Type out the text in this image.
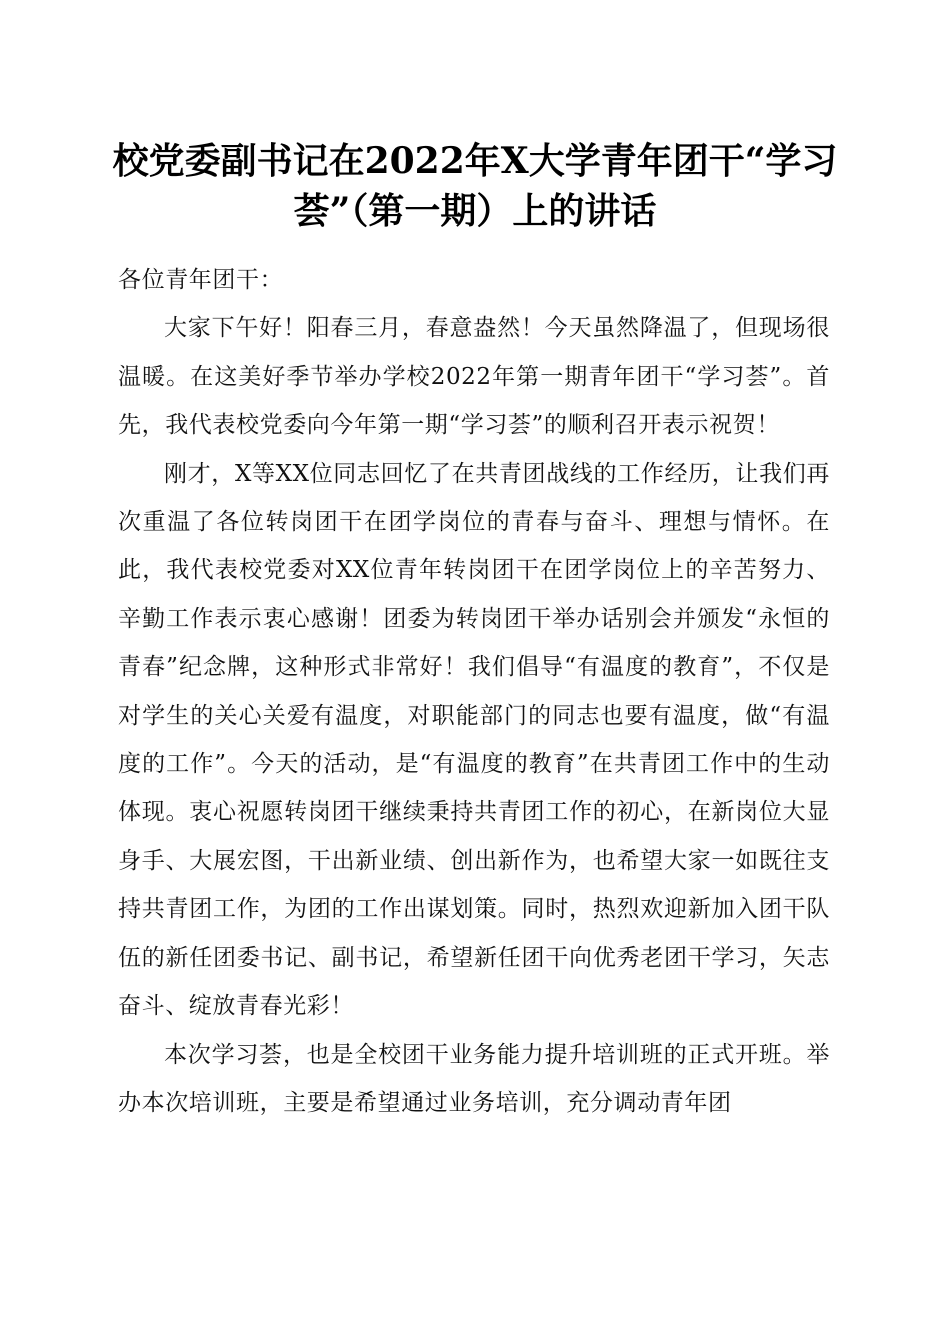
校党委副书记在2022年X大学青年团干“学习荟”（第一期）上的讲话

各位青年团干：

大家下午好！阳春三月，春意盎然！今天虽然降温了，但现场很温暖。在这美好季节举办学校2022年第一期青年团干“学习荟”。首先，我代表校党委向今年第一期“学习荟”的顺利召开表示祝贺！

刚才，X等XX位同志回忆了在共青团战线的工作经历，让我们再次重温了各位转岗团干在团学岗位的青春与奋斗、理想与情怀。在此，我代表校党委对XX位青年转岗团干在团学岗位上的辛苦努力、辛勤工作表示衷心感谢！团委为转岗团干举办话别会并颁发“永恒的青春”纪念牌，这种形式非常好！我们倡导“有温度的教育”，不仅是对学生的关心关爱有温度，对职能部门的同志也要有温度，做“有温度的工作”。今天的活动，是“有温度的教育”在共青团工作中的生动体现。衷心祝愿转岗团干继续秉持共青团工作的初心，在新岗位大显身手、大展宏图，干出新业绩、创出新作为，也希望大家一如既往支持共青团工作，为团的工作出谋划策。同时，热烈欢迎新加入团干队伍的新任团委书记、副书记，希望新任团干向优秀老团干学习，矢志奋斗、绽放青春光彩！

本次学习荟，也是全校团干业务能力提升培训班的正式开班。举办本次培训班，主要是希望通过业务培训，充分调动青年团
